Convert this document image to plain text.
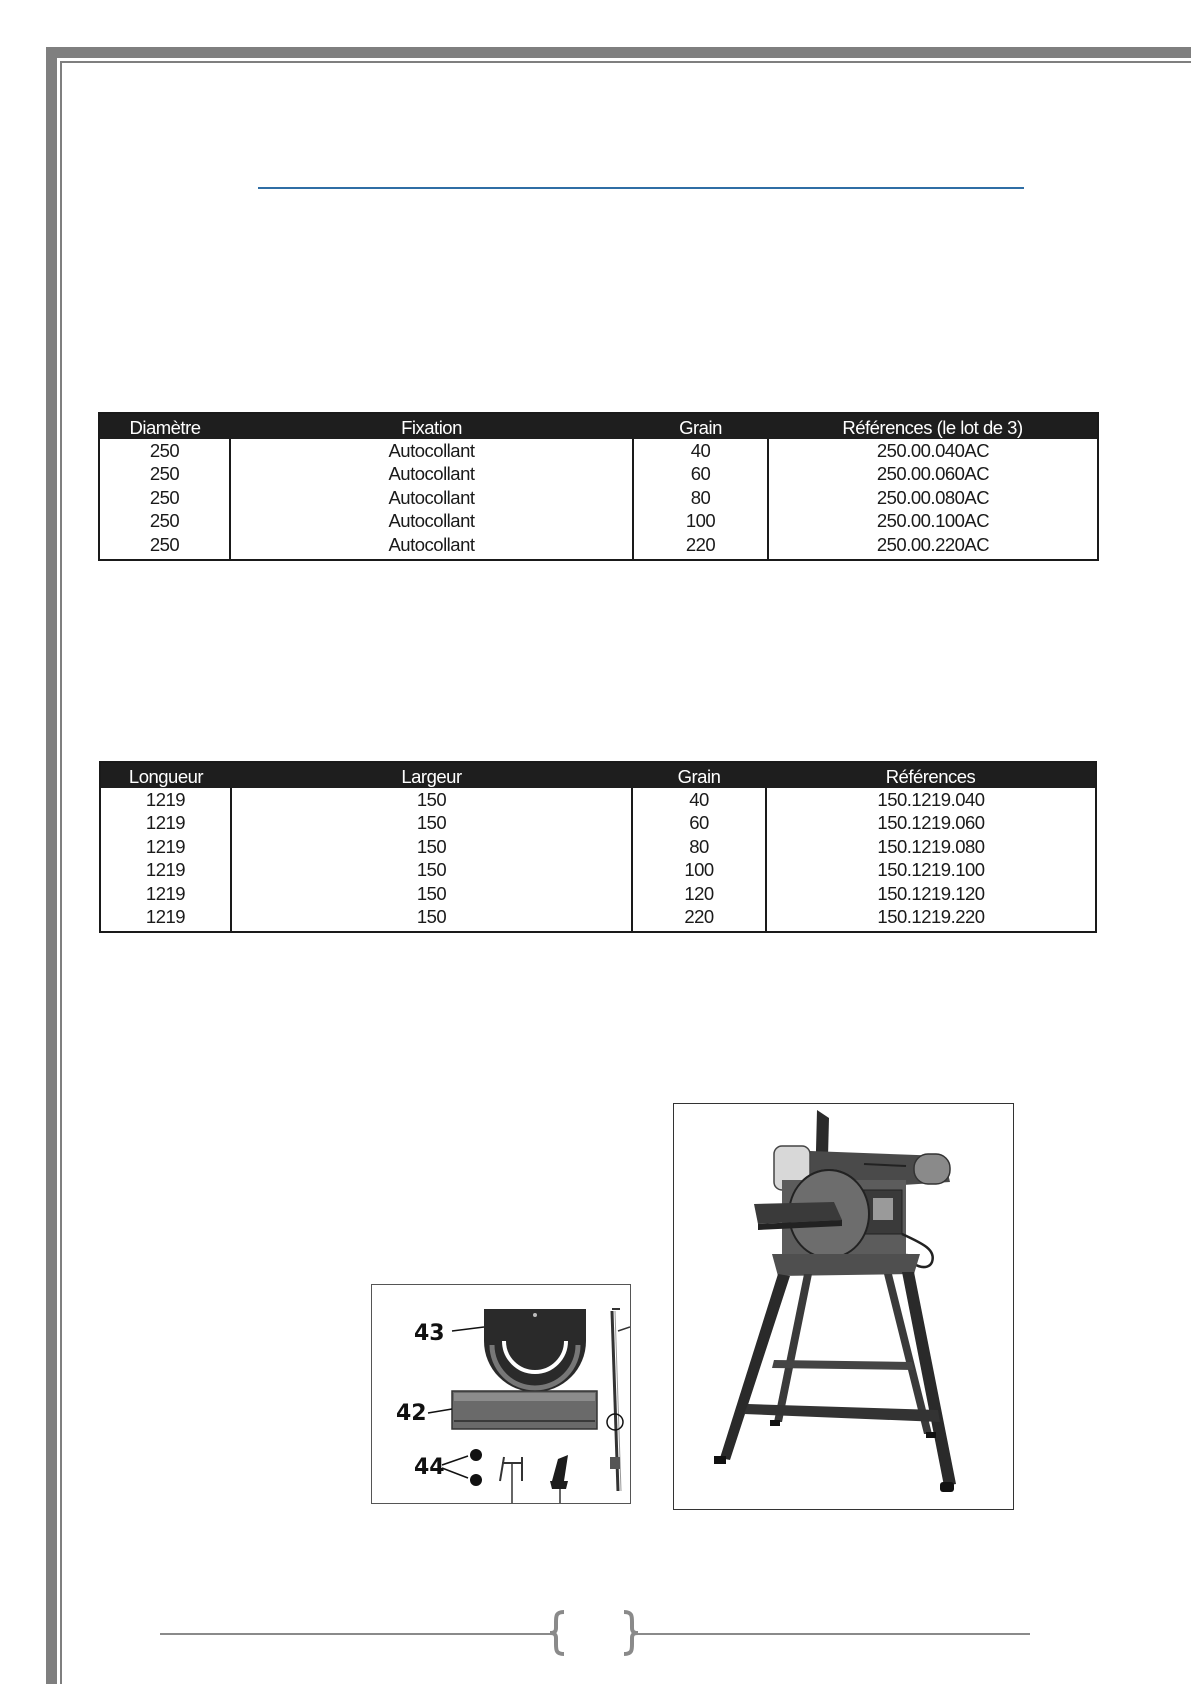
Diamètre	Fixation	Grain	Références (le lot de 3)
250	Autocollant	40	250.00.040AC
250	Autocollant	60	250.00.060AC
250	Autocollant	80	250.00.080AC
250	Autocollant	100	250.00.100AC
250	Autocollant	220	250.00.220AC
Longueur	Largeur	Grain	Références
1219	150	40	150.1219.040
1219	150	60	150.1219.060
1219	150	80	150.1219.080
1219	150	100	150.1219.100
1219	150	120	150.1219.120
1219	150	220	150.1219.220
43
42
44
